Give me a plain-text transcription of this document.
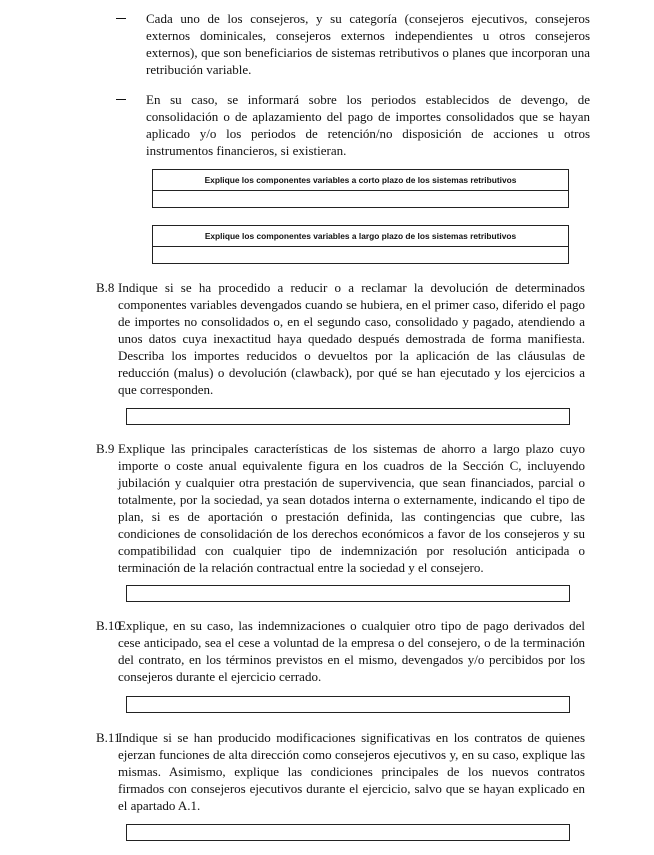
Cada uno de los consejeros, y su categoría (consejeros ejecutivos, consejeros externos dominicales, consejeros externos independientes u otros consejeros externos), que son beneficiarios de sistemas retributivos o planes que incorporan una retribución variable.
En su caso, se informará sobre los periodos establecidos de devengo, de consolidación o de aplazamiento del pago de importes consolidados que se hayan aplicado y/o los periodos de retención/no disposición de acciones u otros instrumentos financieros, si existieran.
Explique los componentes variables a corto plazo de los sistemas retributivos
Explique los componentes variables a largo plazo de los sistemas retributivos
B.8 Indique si se ha procedido a reducir o a reclamar la devolución de determinados componentes variables devengados cuando se hubiera, en el primer caso, diferido el pago de importes no consolidados o, en el segundo caso, consolidado y pagado, atendiendo a unos datos cuya inexactitud haya quedado después demostrada de forma manifiesta. Describa los importes reducidos o devueltos por la aplicación de las cláusulas de reducción (malus) o devolución (clawback), por qué se han ejecutado y los ejercicios a que corresponden.
B.9 Explique las principales características de los sistemas de ahorro a largo plazo cuyo importe o coste anual equivalente figura en los cuadros de la Sección C, incluyendo jubilación y cualquier otra prestación de supervivencia, que sean financiados, parcial o totalmente, por la sociedad, ya sean dotados interna o externamente, indicando el tipo de plan, si es de aportación o prestación definida, las contingencias que cubre, las condiciones de consolidación de los derechos económicos a favor de los consejeros y su compatibilidad con cualquier tipo de indemnización por resolución anticipada o terminación de la relación contractual entre la sociedad y el consejero.
B.10
Explique, en su caso, las indemnizaciones o cualquier otro tipo de pago derivados del cese anticipado, sea el cese a voluntad de la empresa o del consejero, o de la terminación del contrato, en los términos previstos en el mismo, devengados y/o percibidos por los consejeros durante el ejercicio cerrado.
B.11
Indique si se han producido modificaciones significativas en los contratos de quienes ejerzan funciones de alta dirección como consejeros ejecutivos y, en su caso, explique las mismas. Asimismo, explique las condiciones principales de los nuevos contratos firmados con consejeros ejecutivos durante el ejercicio, salvo que se hayan explicado en el apartado A.1.
